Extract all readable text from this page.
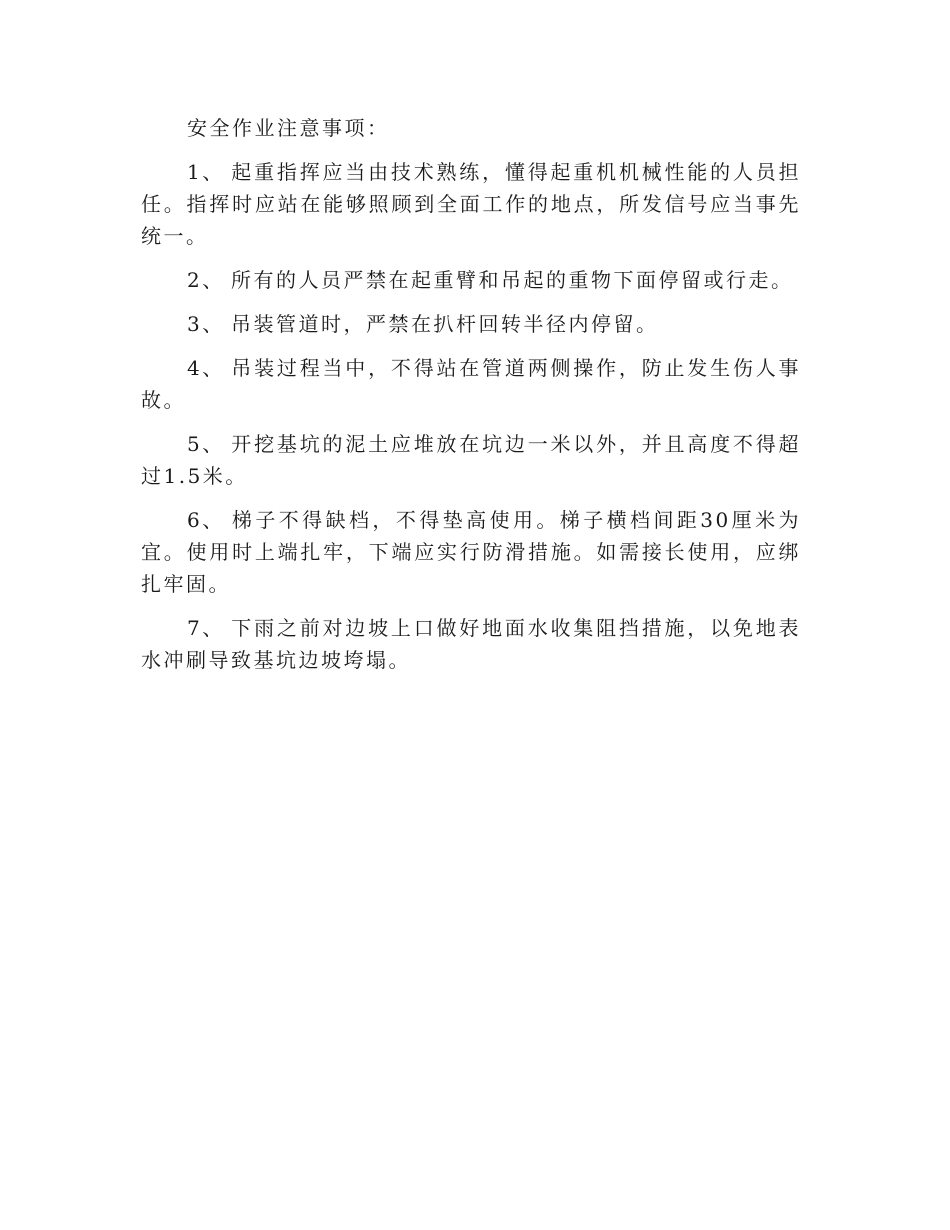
安全作业注意事项：

1、 起重指挥应当由技术熟练，懂得起重机机械性能的人员担任。指挥时应站在能够照顾到全面工作的地点，所发信号应当事先统一。

2、 所有的人员严禁在起重臂和吊起的重物下面停留或行走。

3、 吊装管道时，严禁在扒杆回转半径内停留。

4、 吊装过程当中，不得站在管道两侧操作，防止发生伤人事故。

5、 开挖基坑的泥土应堆放在坑边一米以外，并且高度不得超过1.5米。

6、 梯子不得缺档，不得垫高使用。梯子横档间距30厘米为宜。使用时上端扎牢，下端应实行防滑措施。如需接长使用，应绑扎牢固。

7、 下雨之前对边坡上口做好地面水收集阻挡措施，以免地表水冲刷导致基坑边坡垮塌。
